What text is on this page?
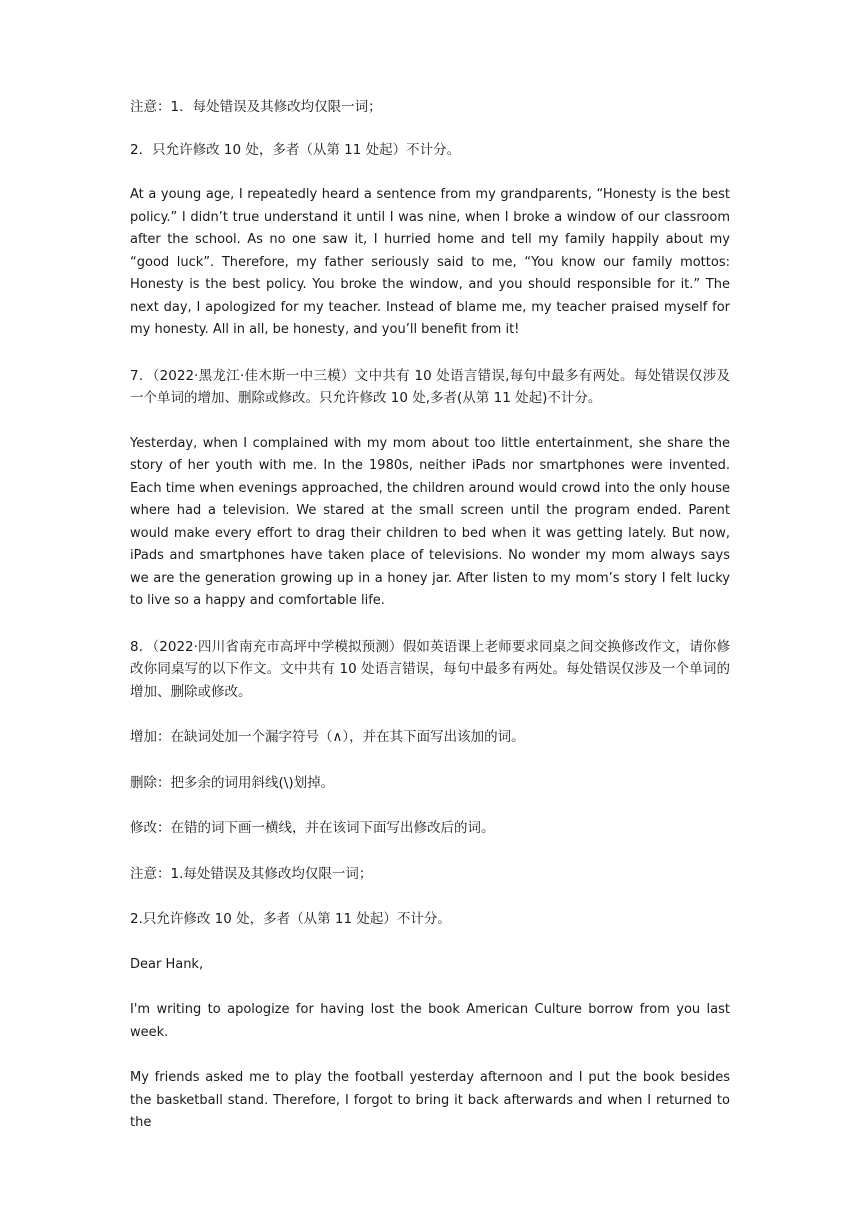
注意：1．每处错误及其修改均仅限一词；

2．只允许修改 10 处，多者（从第 11 处起）不计分。

At a young age, I repeatedly heard a sentence from my grandparents, “Honesty is the best policy.” I didn’t true understand it until I was nine, when I broke a window of our classroom after the school. As no one saw it, I hurried home and tell my family happily about my “good luck”. Therefore, my father seriously said to me, “You know our family mottos: Honesty is the best policy. You broke the window, and you should responsible for it.” The next day, I apologized for my teacher. Instead of blame me, my teacher praised myself for my honesty. All in all, be honesty, and you’ll benefit from it!

7．（2022·黑龙江·佳木斯一中三模）文中共有 10 处语言错误,每句中最多有两处。每处错误仅涉及一个单词的增加、删除或修改。只允许修改 10 处,多者(从第 11 处起)不计分。

Yesterday, when I complained with my mom about too little entertainment, she share the story of her youth with me. In the 1980s, neither iPads nor smartphones were invented. Each time when evenings approached, the children around would crowd into the only house where had a television. We stared at the small screen until the program ended. Parent would make every effort to drag their children to bed when it was getting lately. But now, iPads and smartphones have taken place of televisions. No wonder my mom always says we are the generation growing up in a honey jar. After listen to my mom’s story I felt lucky to live so a happy and comfortable life.

8．（2022·四川省南充市高坪中学模拟预测）假如英语课上老师要求同桌之间交换修改作文，请你修改你同桌写的以下作文。文中共有 10 处语言错误，每句中最多有两处。每处错误仅涉及一个单词的增加、删除或修改。

增加：在缺词处加一个漏字符号（∧），并在其下面写出该加的词。

删除：把多余的词用斜线(\)划掉。

修改：在错的词下画一横线，并在该词下面写出修改后的词。

注意：1.每处错误及其修改均仅限一词；

2.只允许修改 10 处，多者（从第 11 处起）不计分。

Dear Hank,

I'm writing to apologize for having lost the book American Culture borrow from you last week.

My friends asked me to play the football yesterday afternoon and I put the book besides the basketball stand. Therefore, I forgot to bring it back afterwards and when I returned to the
